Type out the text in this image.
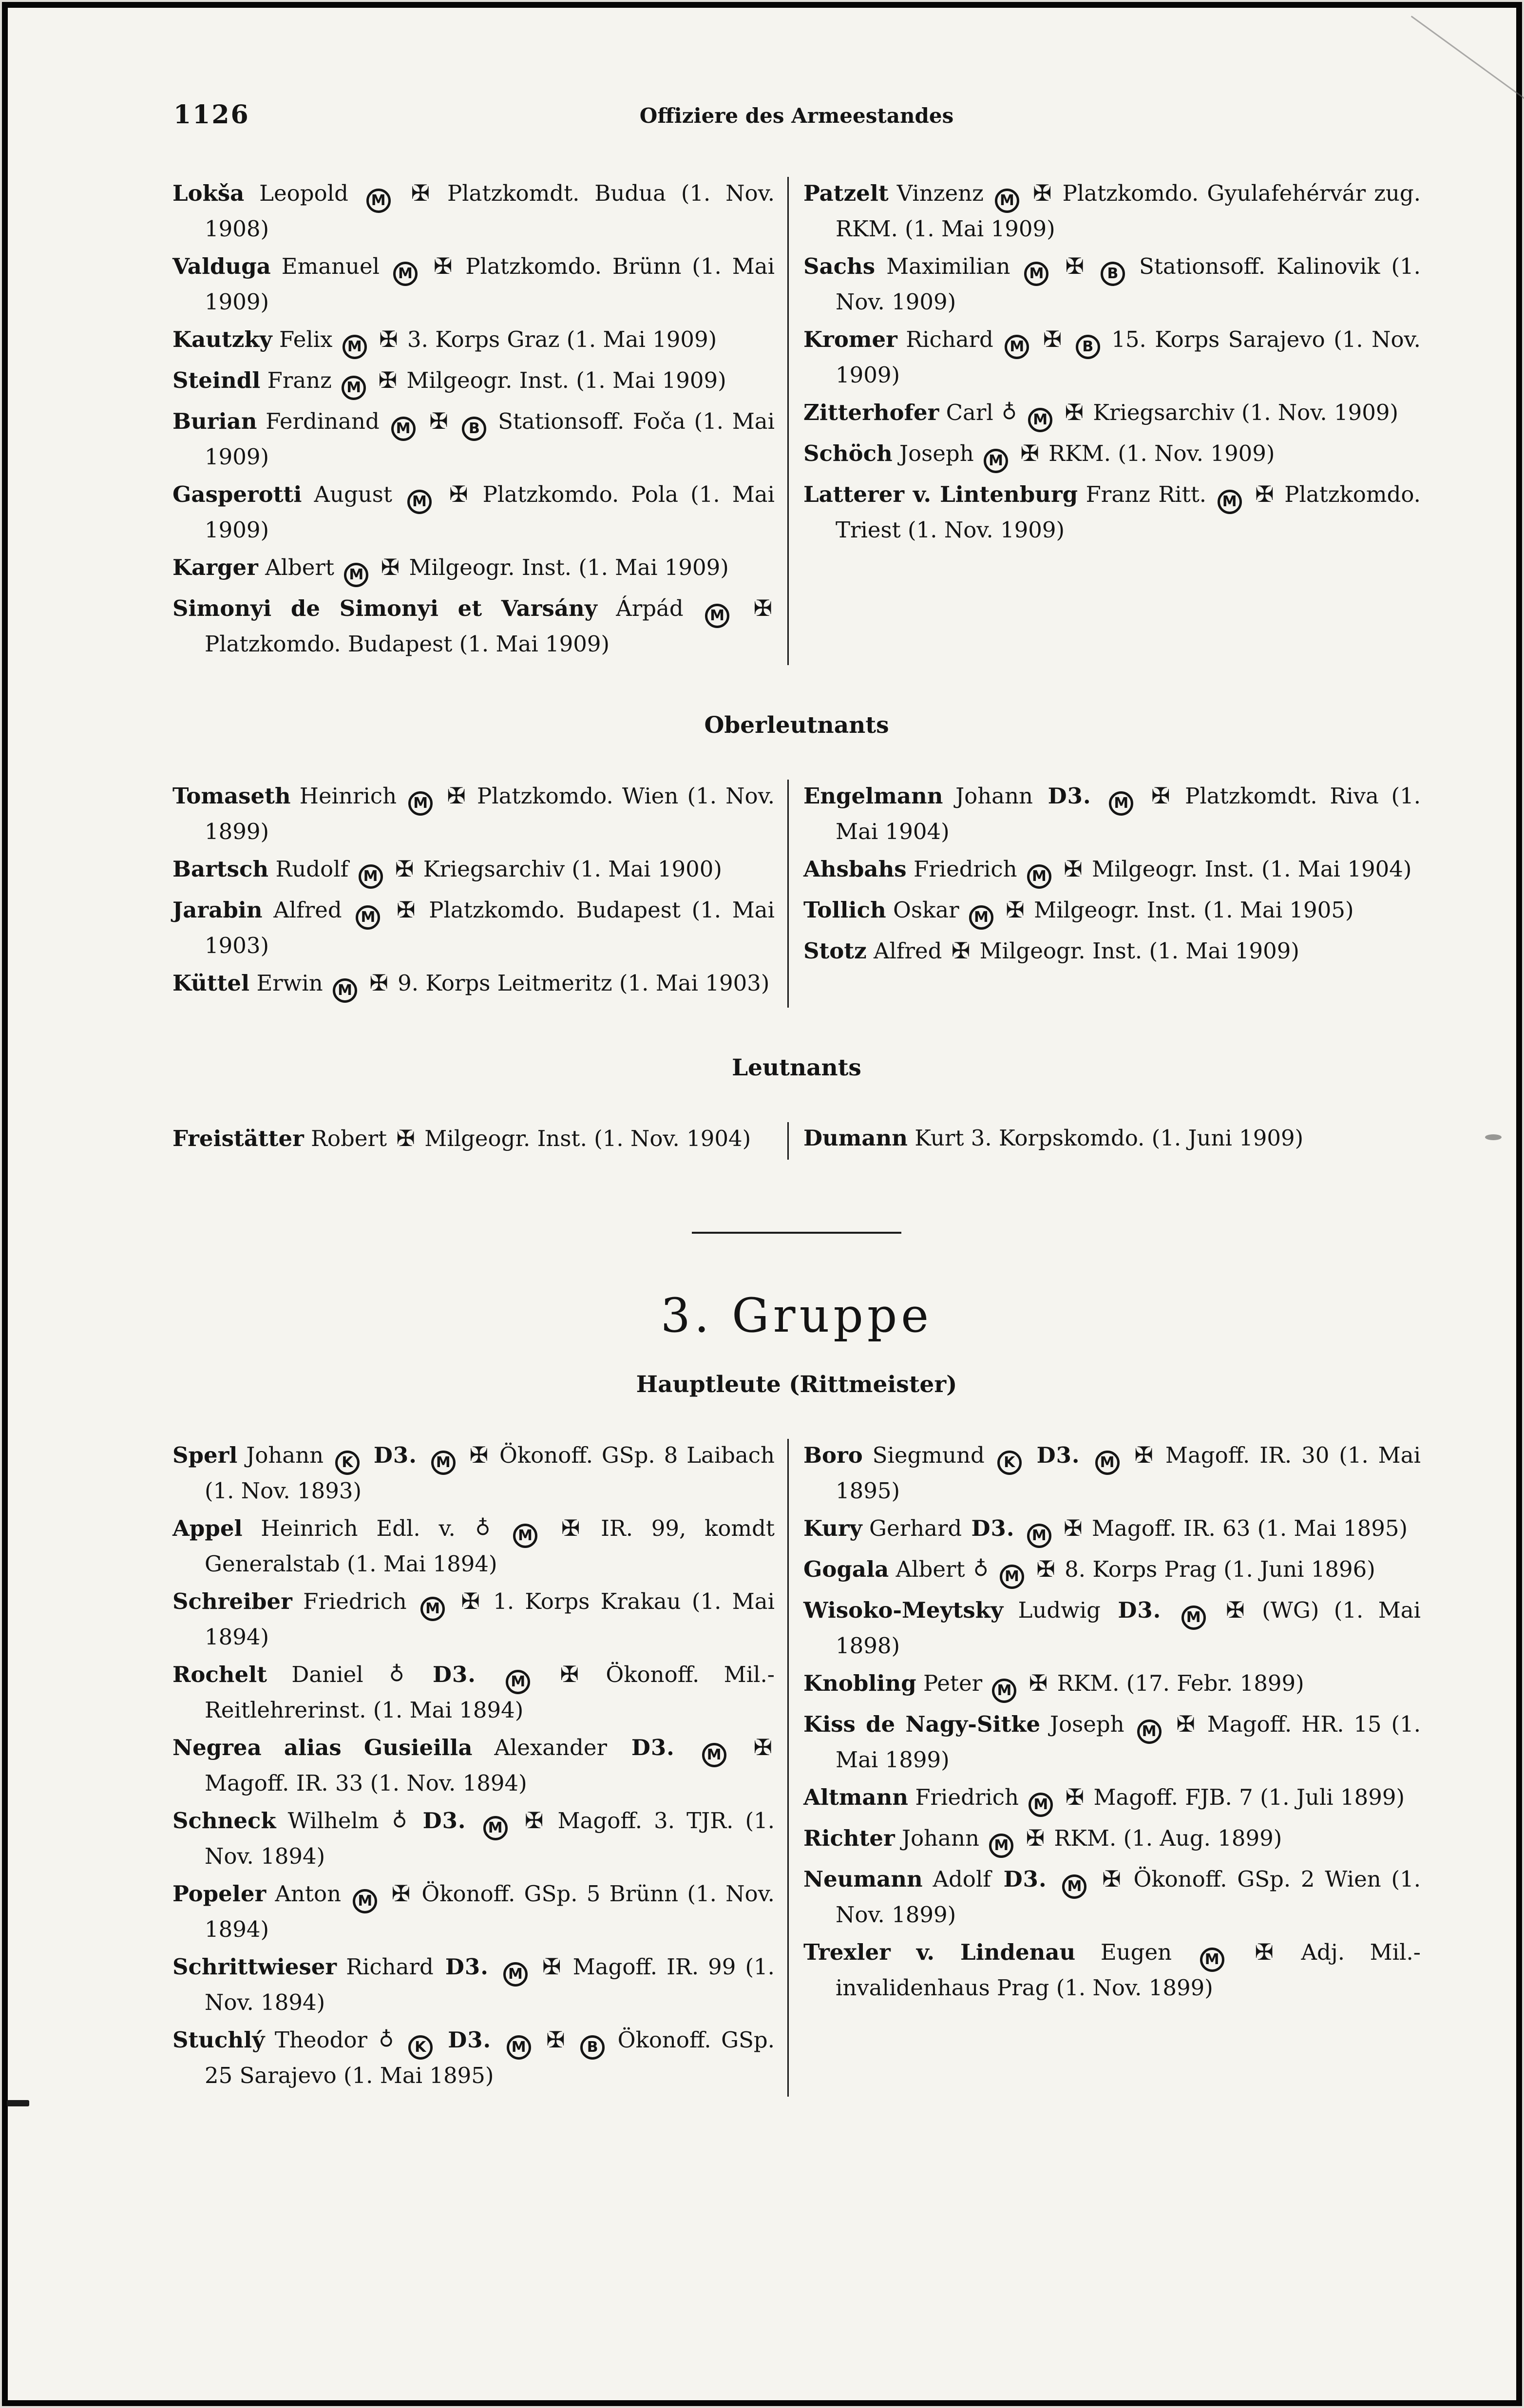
1126	Offiziere des Armeestandes

Lokša Leopold M ✠ Platzkomdt. Budua (1. Nov. 1908)

Valduga Emanuel M ✠ Platzkomdo. Brünn (1. Mai 1909)

Kautzky Felix M ✠ 3. Korps Graz (1. Mai 1909)

Steindl Franz M ✠ Milgeogr. Inst. (1. Mai 1909)

Burian Ferdinand M ✠ B Stationsoff. Foča (1. Mai 1909)

Gasperotti August M ✠ Platzkomdo. Pola (1. Mai 1909)

Karger Albert M ✠ Milgeogr. Inst. (1. Mai 1909)

Simonyi de Simonyi et Varsány Árpád M ✠ Platzkomdo. Budapest (1. Mai 1909)

Patzelt Vinzenz M ✠ Platzkomdo. Gyulafehérvár zug. RKM. (1. Mai 1909)

Sachs Maximilian M ✠ B Stationsoff. Kalinovik (1. Nov. 1909)

Kromer Richard M ✠ B 15. Korps Sarajevo (1. Nov. 1909)

Zitterhofer Carl ♁ M ✠ Kriegsarchiv (1. Nov. 1909)

Schöch Joseph M ✠ RKM. (1. Nov. 1909)

Latterer v. Lintenburg Franz Ritt. M ✠ Platzkomdo. Triest (1. Nov. 1909)

Oberleutnants

Tomaseth Heinrich M ✠ Platzkomdo. Wien (1. Nov. 1899)

Bartsch Rudolf M ✠ Kriegsarchiv (1. Mai 1900)

Jarabin Alfred M ✠ Platzkomdo. Budapest (1. Mai 1903)

Küttel Erwin M ✠ 9. Korps Leitmeritz (1. Mai 1903)

Engelmann Johann D3. M ✠ Platzkomdt. Riva (1. Mai 1904)

Ahsbahs Friedrich M ✠ Milgeogr. Inst. (1. Mai 1904)

Tollich Oskar M ✠ Milgeogr. Inst. (1. Mai 1905)

Stotz Alfred ✠ Milgeogr. Inst. (1. Mai 1909)

Leutnants

Freistätter Robert ✠ Milgeogr. Inst. (1. Nov. 1904)	Dumann Kurt 3. Korpskomdo. (1. Juni 1909)

3. Gruppe
Hauptleute (Rittmeister)

Sperl Johann K D3. M ✠ Ökonoff. GSp. 8 Laibach (1. Nov. 1893)

Appel Heinrich Edl. v. ♁ M ✠ IR. 99, komdt Generalstab (1. Mai 1894)

Schreiber Friedrich M ✠ 1. Korps Krakau (1. Mai 1894)

Rochelt Daniel ♁ D3. M ✠ Ökonoff. Mil.-Reitlehrerinst. (1. Mai 1894)

Negrea alias Gusieilla Alexander D3. M ✠ Magoff. IR. 33 (1. Nov. 1894)

Schneck Wilhelm ♁ D3. M ✠ Magoff. 3. TJR. (1. Nov. 1894)

Popeler Anton M ✠ Ökonoff. GSp. 5 Brünn (1. Nov. 1894)

Schrittwieser Richard D3. M ✠ Magoff. IR. 99 (1. Nov. 1894)

Stuchlý Theodor ♁ K D3. M ✠ B Ökonoff. GSp. 25 Sarajevo (1. Mai 1895)

Boro Siegmund K D3. M ✠ Magoff. IR. 30 (1. Mai 1895)

Kury Gerhard D3. M ✠ Magoff. IR. 63 (1. Mai 1895)

Gogala Albert ♁ M ✠ 8. Korps Prag (1. Juni 1896)

Wisoko-Meytsky Ludwig D3. M ✠ (WG) (1. Mai 1898)

Knobling Peter M ✠ RKM. (17. Febr. 1899)

Kiss de Nagy-Sitke Joseph M ✠ Magoff. HR. 15 (1. Mai 1899)

Altmann Friedrich M ✠ Magoff. FJB. 7 (1. Juli 1899)

Richter Johann M ✠ RKM. (1. Aug. 1899)

Neumann Adolf D3. M ✠ Ökonoff. GSp. 2 Wien (1. Nov. 1899)

Trexler v. Lindenau Eugen M ✠ Adj. Mil.-invalidenhaus Prag (1. Nov. 1899)
